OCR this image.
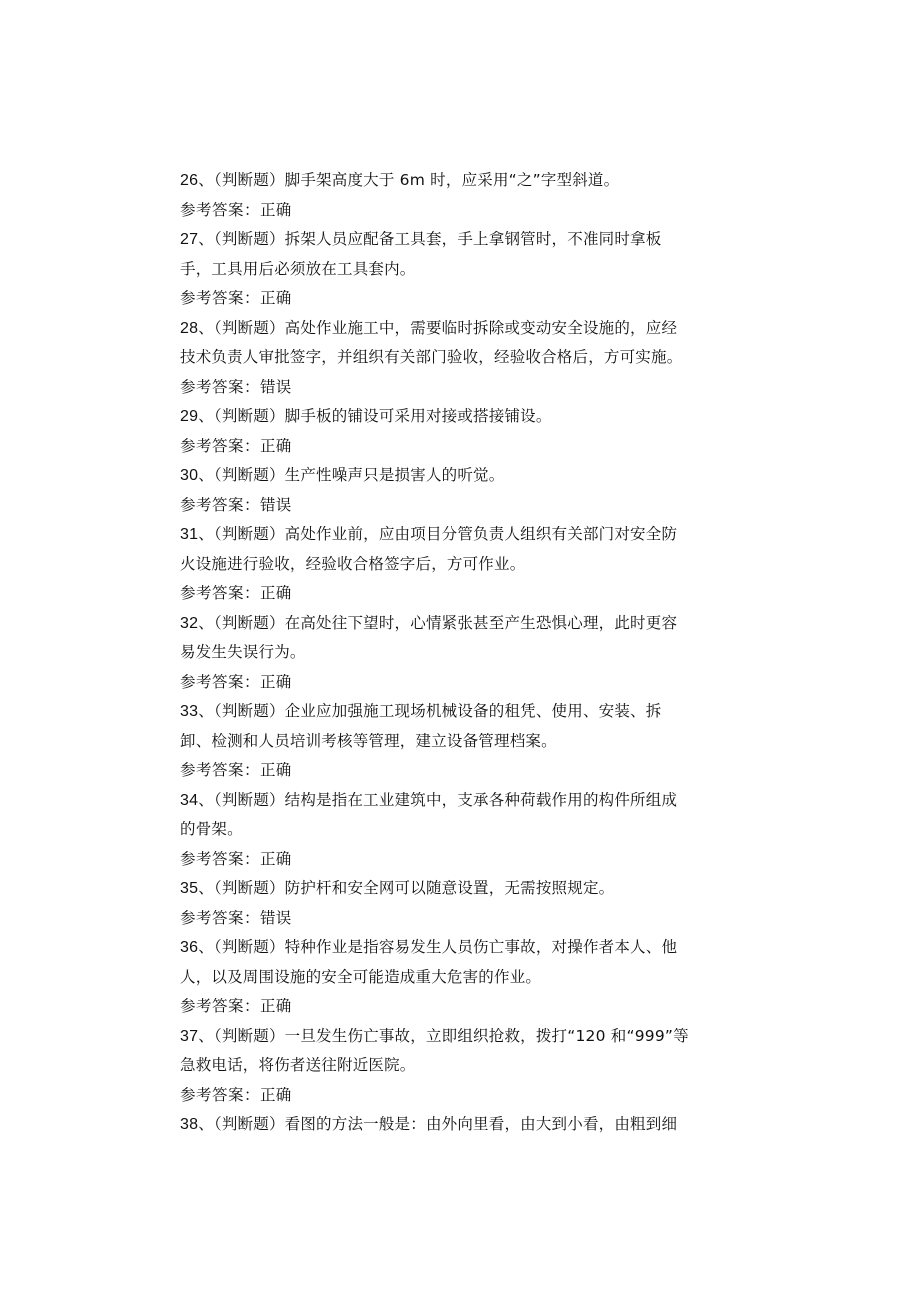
26、（判断题）脚手架高度大于 6m 时，应采用“之”字型斜道。
参考答案：正确
27、（判断题）拆架人员应配备工具套，手上拿钢管时，不准同时拿板
手，工具用后必须放在工具套内。
参考答案：正确
28、（判断题）高处作业施工中，需要临时拆除或变动安全设施的，应经
技术负责人审批签字，并组织有关部门验收，经验收合格后，方可实施。
参考答案：错误
29、（判断题）脚手板的铺设可采用对接或搭接铺设。
参考答案：正确
30、（判断题）生产性噪声只是损害人的听觉。
参考答案：错误
31、（判断题）高处作业前，应由项目分管负责人组织有关部门对安全防
火设施进行验收，经验收合格签字后，方可作业。
参考答案：正确
32、（判断题）在高处往下望时，心情紧张甚至产生恐惧心理，此时更容
易发生失误行为。
参考答案：正确
33、（判断题）企业应加强施工现场机械设备的租凭、使用、安装、拆
卸、检测和人员培训考核等管理，建立设备管理档案。
参考答案：正确
34、（判断题）结构是指在工业建筑中，支承各种荷载作用的构件所组成
的骨架。
参考答案：正确
35、（判断题）防护杆和安全网可以随意设置，无需按照规定。
参考答案：错误
36、（判断题）特种作业是指容易发生人员伤亡事故，对操作者本人、他
人，以及周围设施的安全可能造成重大危害的作业。
参考答案：正确
37、（判断题）一旦发生伤亡事故，立即组织抢救，拨打“120 和“999”等
急救电话，将伤者送往附近医院。
参考答案：正确
38、（判断题）看图的方法一般是：由外向里看，由大到小看，由粗到细
